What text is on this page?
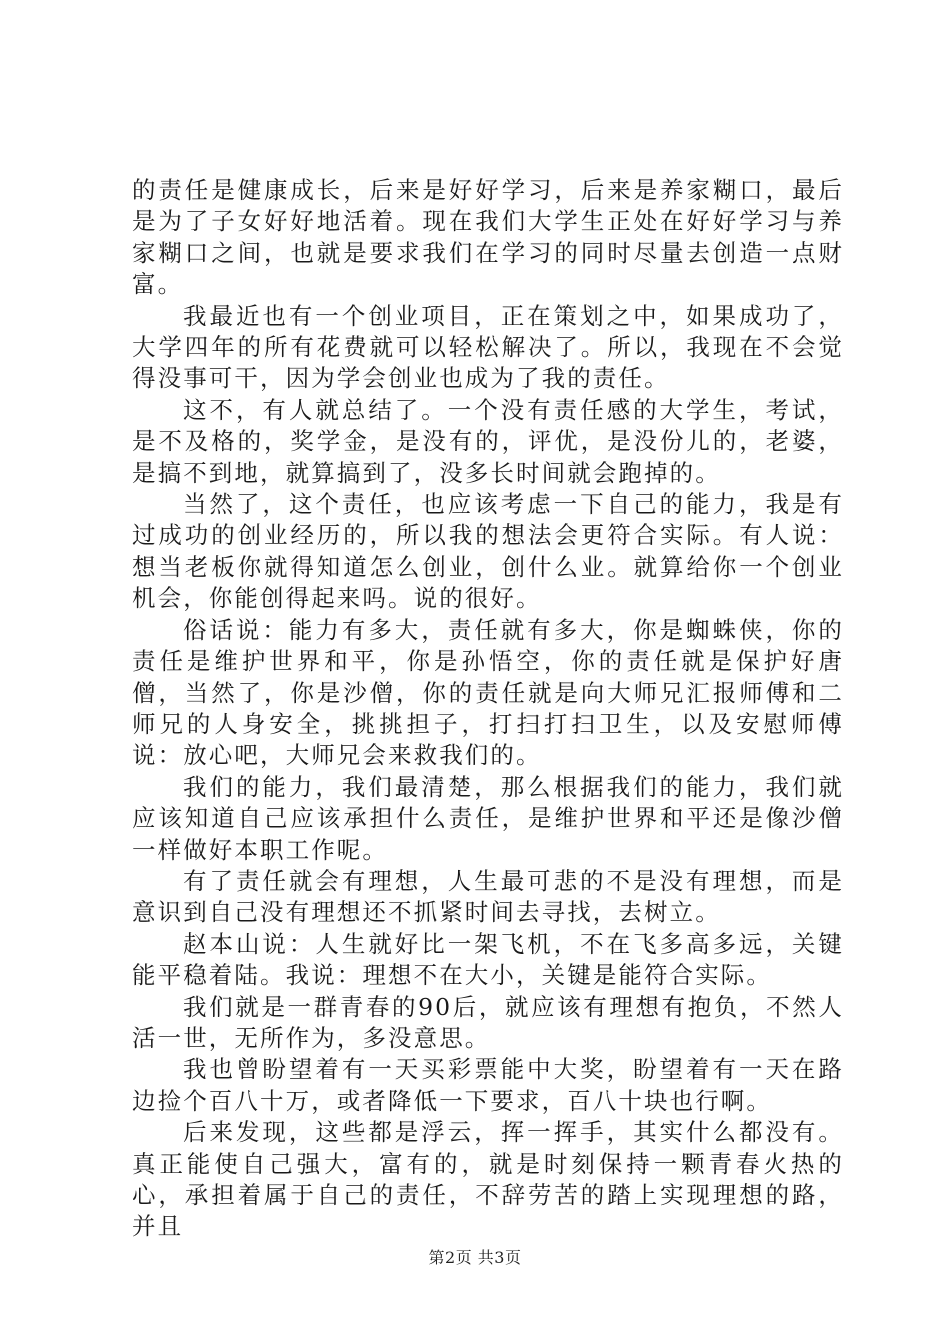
的责任是健康成长，后来是好好学习，后来是养家糊口，最后是为了子女好好地活着。现在我们大学生正处在好好学习与养家糊口之间，也就是要求我们在学习的同时尽量去创造一点财富。

我最近也有一个创业项目，正在策划之中，如果成功了，大学四年的所有花费就可以轻松解决了。所以，我现在不会觉得没事可干，因为学会创业也成为了我的责任。

这不，有人就总结了。一个没有责任感的大学生，考试，是不及格的，奖学金，是没有的，评优，是没份儿的，老婆，是搞不到地，就算搞到了，没多长时间就会跑掉的。

当然了，这个责任，也应该考虑一下自己的能力，我是有过成功的创业经历的，所以我的想法会更符合实际。有人说：想当老板你就得知道怎么创业，创什么业。就算给你一个创业机会，你能创得起来吗。说的很好。

俗话说：能力有多大，责任就有多大，你是蜘蛛侠，你的责任是维护世界和平，你是孙悟空，你的责任就是保护好唐僧，当然了，你是沙僧，你的责任就是向大师兄汇报师傅和二师兄的人身安全，挑挑担子，打扫打扫卫生，以及安慰师傅说：放心吧，大师兄会来救我们的。

我们的能力，我们最清楚，那么根据我们的能力，我们就应该知道自己应该承担什么责任，是维护世界和平还是像沙僧一样做好本职工作呢。

有了责任就会有理想，人生最可悲的不是没有理想，而是意识到自己没有理想还不抓紧时间去寻找，去树立。

赵本山说：人生就好比一架飞机，不在飞多高多远，关键能平稳着陆。我说：理想不在大小，关键是能符合实际。

我们就是一群青春的90后，就应该有理想有抱负，不然人活一世，无所作为，多没意思。

我也曾盼望着有一天买彩票能中大奖，盼望着有一天在路边捡个百八十万，或者降低一下要求，百八十块也行啊。

后来发现，这些都是浮云，挥一挥手，其实什么都没有。真正能使自己强大，富有的，就是时刻保持一颗青春火热的心，承担着属于自己的责任，不辞劳苦的踏上实现理想的路，并且

第2页 共3页
